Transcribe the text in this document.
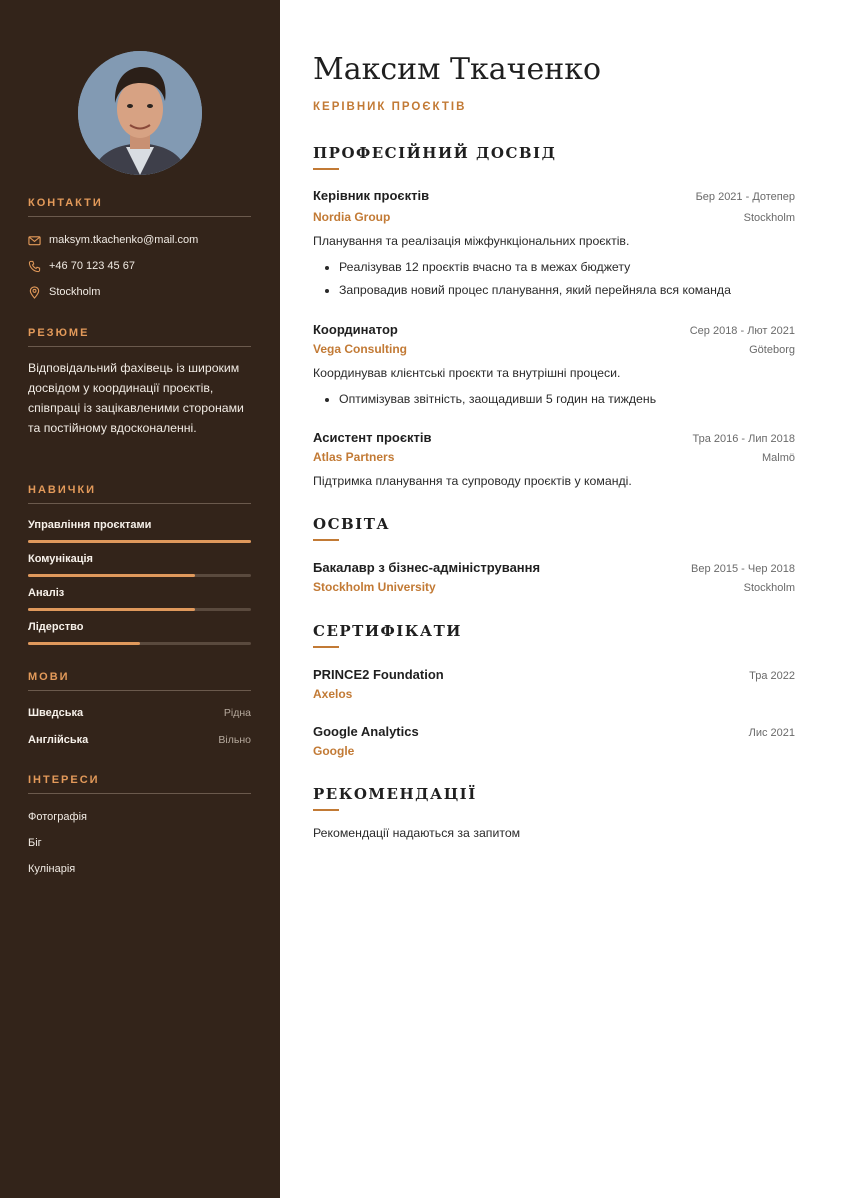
КОНТАКТИ
maksym.tkachenko@mail.com
+46 70 123 45 67
Stockholm
РЕЗЮМЕ
Відповідальний фахівець із широким досвідом у координації проєктів, співпраці із зацікавленими сторонами та постійному вдосконаленні.
НАВИЧКИ
Управління проєктами
Комунікація
Аналіз
Лідерство
МОВИ
Шведська	Рідна
Англійська	Вільно
ІНТЕРЕСИ
Фотографія
Біг
Кулінарія
Максим Ткаченко
КЕРІВНИК ПРОЄКТІВ
ПРОФЕСІЙНИЙ ДОСВІД
Керівник проєктів	Бер 2021 - Дотепер
Nordia Group	Stockholm
Планування та реалізація міжфункціональних проєктів.
• Реалізував 12 проєктів вчасно та в межах бюджету
• Запровадив новий процес планування, який перейняла вся команда
Координатор	Сер 2018 - Лют 2021
Vega Consulting	Göteborg
Координував клієнтські проєкти та внутрішні процеси.
• Оптимізував звітність, заощадивши 5 годин на тиждень
Асистент проєктів	Тра 2016 - Лип 2018
Atlas Partners	Malmö
Підтримка планування та супроводу проєктів у команді.
ОСВІТА
Бакалавр з бізнес-адміністрування	Вер 2015 - Чер 2018
Stockholm University	Stockholm
СЕРТИФІКАТИ
PRINCE2 Foundation	Тра 2022
Axelos
Google Analytics	Лис 2021
Google
РЕКОМЕНДАЦІЇ
Рекомендації надаються за запитом
